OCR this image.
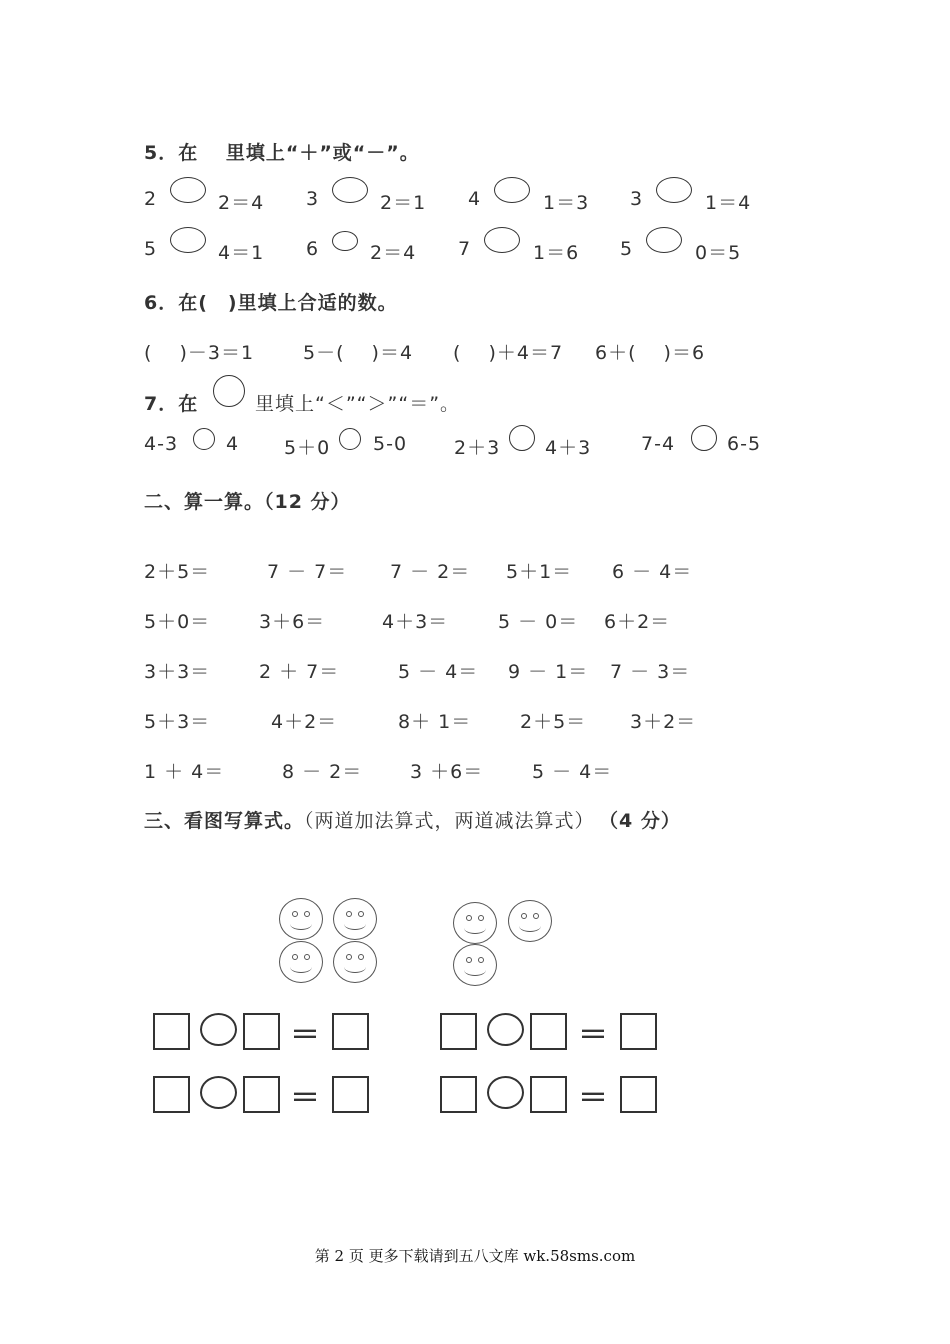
5．在　 里填上“＋”或“－”。
2	2＝4 3	2＝1 4	1＝3 3	1＝4
5	4＝1 6	2＝4 7	1＝6 5	0＝5
6．在(　)里填上合适的数。
(　 )－3＝1	5－(　 )＝4 (　 )＋4＝7 6＋(　 )＝6
7．在	里填上“＜”“＞”“＝”。
4-3	4 5＋0 5-0 2＋3 4＋3	7-4	6-5
二、算一算。（12 分）
2＋5＝	7 － 7＝ 7 － 2＝ 5＋1＝ 6 － 4＝
5＋0＝	3＋6＝	4＋3＝	5 － 0＝ 6＋2＝
3＋3＝	2 ＋ 7＝	5 － 4＝ 9 － 1＝ 7 － 3＝
5＋3＝	4＋2＝	8＋ 1＝	2＋5＝ 3＋2＝
1 ＋ 4＝	8 － 2＝	3 ＋6＝	5 － 4＝
三、看图写算式。（两道加法算式，两道减法算式） （4 分）
＝	＝
＝	＝
第 2 页 更多下载请到五八文库 wk.58sms.com
